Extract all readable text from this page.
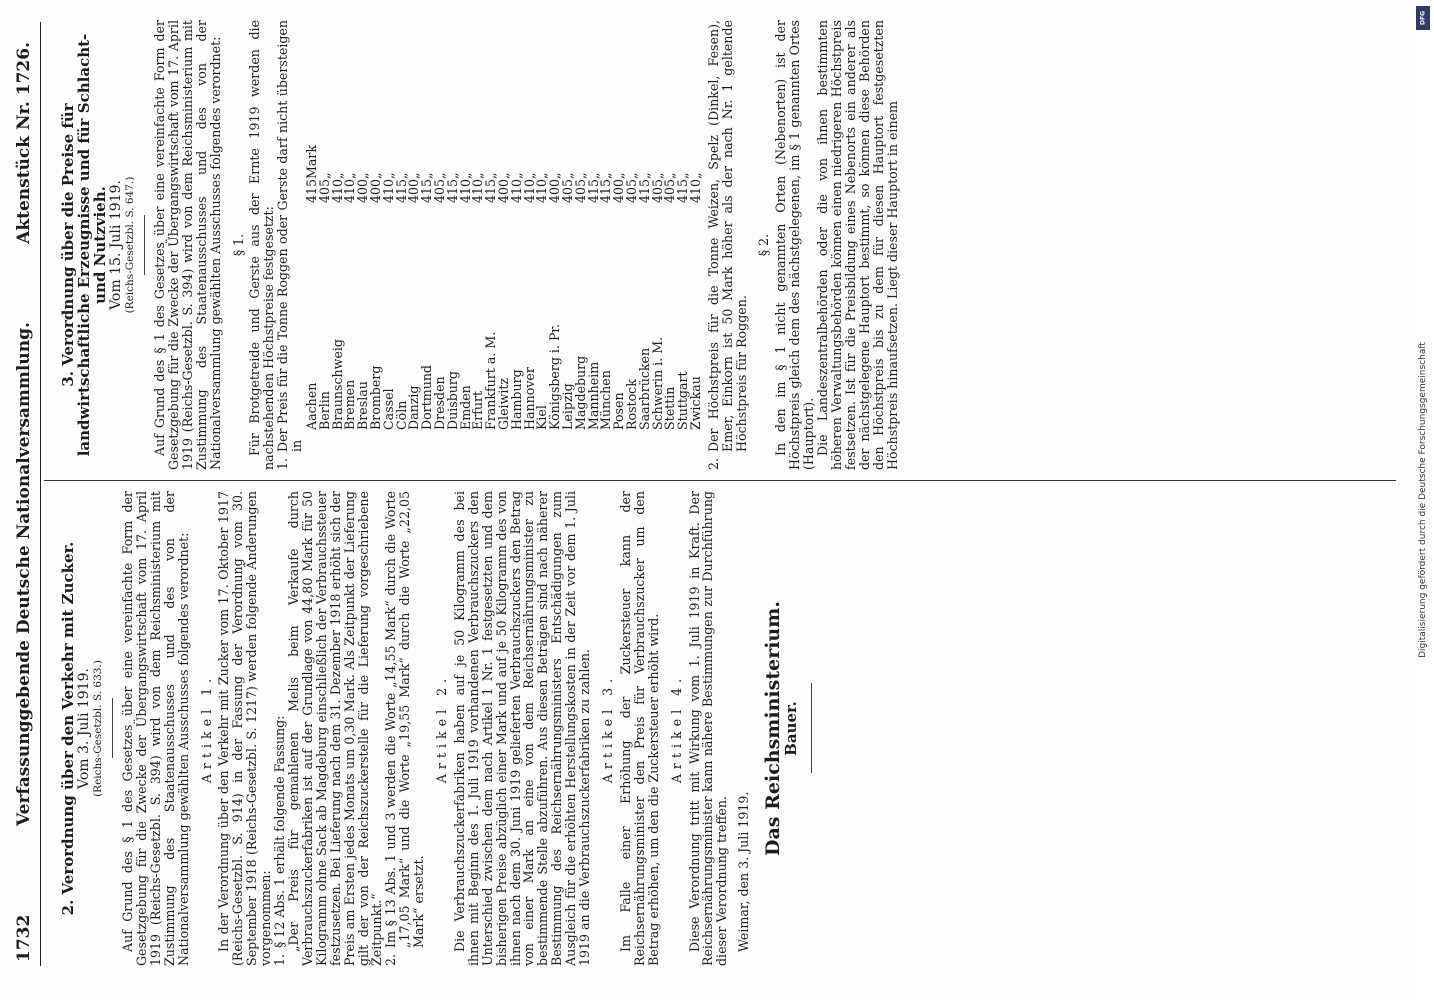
1732
Verfassunggebende Deutsche Nationalversammlung.
Aktenstück Nr. 1726.
2. Verordnung über den Verkehr mit Zucker. Vom 3. Juli 1919. (Reichs-Gesetzbl. S. 633.) Auf Grund des § 1 des Gesetzes über eine vereinfachte Form der Gesetzgebung für die Zwecke der Übergangswirtschaft vom 17. April 1919 (Reichs-Gesetzbl. S. 394) wird von dem Reichsministerium mit Zustimmung des Staatenausschusses und des von der Nationalversammlung gewählten Ausschusses folgendes verordnet: Artikel 1. In der Verordnung über den Verkehr mit Zucker vom 17. Oktober 1917 (Reichs-Gesetzbl. S. 914) in der Fassung der Verordnung vom 30. September 1918 (Reichs-Gesetzbl. S. 1217) werden folgende Änderungen vorgenommen:

1.
§ 12 Abs. 1 erhält folgende Fassung:

„Der Preis für gemahlenen Melis beim Verkaufe durch Verbrauchszuckerfabriken ist auf der Grundlage von 44,80 Mark für 50 Kilogramm ohne Sack ab Magdeburg einschließlich der Verbrauchssteuer festzusetzen. Bei Lieferung nach dem 31. Dezember 1918 erhöht sich der Preis am Ersten jedes Monats um 0,30 Mark. Als Zeitpunkt der Lieferung gilt der von der Reichszuckerstelle für die Lieferung vorgeschriebene Zeitpunkt.“

2.
Im § 13 Abs. 1 und 3 werden die Worte „14,55 Mark“ durch die Worte „17,05 Mark“ und die Worte „19,55 Mark“ durch die Worte „22,05 Mark“ ersetzt.

Artikel 2. Die Verbrauchszuckerfabriken haben auf je 50 Kilogramm des bei ihnen mit Beginn des 1. Juli 1919 vorhandenen Verbrauchszuckers den Unterschied zwischen dem nach Artikel 1 Nr. 1 festgesetzten und dem bisherigen Preise abzüglich einer Mark und auf je 50 Kilogramm des von ihnen nach dem 30. Juni 1919 gelieferten Verbrauchszuckers den Betrag von einer Mark an eine von dem Reichsernährungsminister zu bestimmende Stelle abzuführen. Aus diesen Beträgen sind nach näherer Bestimmung des Reichsernährungsministers Entschädigungen zum Ausgleich für die erhöhten Herstellungskosten in der Zeit vor dem 1. Juli 1919 an die Verbrauchszuckerfabriken zu zahlen. Artikel 3. Im Falle einer Erhöhung der Zuckersteuer kann der Reichsernährungsminister den Preis für Verbrauchszucker um den Betrag erhöhen, um den die Zuckersteuer erhöht wird. Artikel 4. Diese Verordnung tritt mit Wirkung vom 1. Juli 1919 in Kraft. Der Reichsernährungsminister kann nähere Bestimmungen zur Durchführung dieser Verordnung treffen. Weimar, den 3. Juli 1919.

Das Reichsministerium.
Bauer.
3. Verordnung über die Preise für landwirtschaftliche Erzeugnisse und für Schlacht- und Nutzvieh. Vom 15. Juli 1919. (Reichs-Gesetzbl. S. 647.) Auf Grund des § 1 des Gesetzes über eine vereinfachte Form der Gesetzgebung für die Zwecke der Übergangswirtschaft vom 17. April 1919 (Reichs-Gesetzbl. S. 394) wird von dem Reichsministerium mit Zustimmung des Staatenausschusses und des von der Nationalversammlung gewählten Ausschusses folgendes verordnet: § 1. Für Brotgetreide und Gerste aus der Ernte 1919 werden die nachstehenden Höchstpreise festgesetzt:

1.
Der Preis für die Tonne Roggen oder Gerste darf nicht übersteigen in

Aachen	415	Mark
Berlin	405	„
Braunschweig	410	„
Bremen	410	„
Breslau	400	„
Bromberg	400	„
Cassel	410	„
Cöln	415	„
Danzig	400	„
Dortmund	415	„
Dresden	405	„
Duisburg	415	„
Emden	410	„
Erfurt	410	„
Frankfurt a. M.	415	„
Gleiwitz	400	„
Hamburg	410	„
Hannover	410	„
Kiel	410	„
Königsberg i. Pr.	400	„
Leipzig	405	„
Magdeburg	405	„
Mannheim	415	„
München	415	„
Posen	400	„
Rostock	405	„
Saarbrücken	415	„
Schwerin i. M.	405	„
Stettin	405	„
Stuttgart	415	„
Zwickau	410	„

2.
Der Höchstpreis für die Tonne Weizen, Spelz (Dinkel, Fesen), Emer, Einkorn ist 50 Mark höher als der nach Nr. 1 geltende Höchstpreis für Roggen.

§ 2. In den im § 1 nicht genannten Orten (Nebenorten) ist der Höchstpreis gleich dem des nächstgelegenen, im § 1 genannten Ortes (Hauptort).

Die Landeszentralbehörden oder die von ihnen bestimmten höheren Verwaltungsbehörden können einen niedrigeren Höchstpreis festsetzen. Ist für die Preisbildung eines Nebenorts ein anderer als der nächstgelegene Hauptort bestimmt, so können diese Behörden den Höchstpreis bis zu dem für diesen Hauptort festgesetzten Höchstpreis hinaufsetzen. Liegt dieser Hauptort in einem

DFG
Digitalisierung gefördert durch die Deutsche Forschungsgemeinschaft
